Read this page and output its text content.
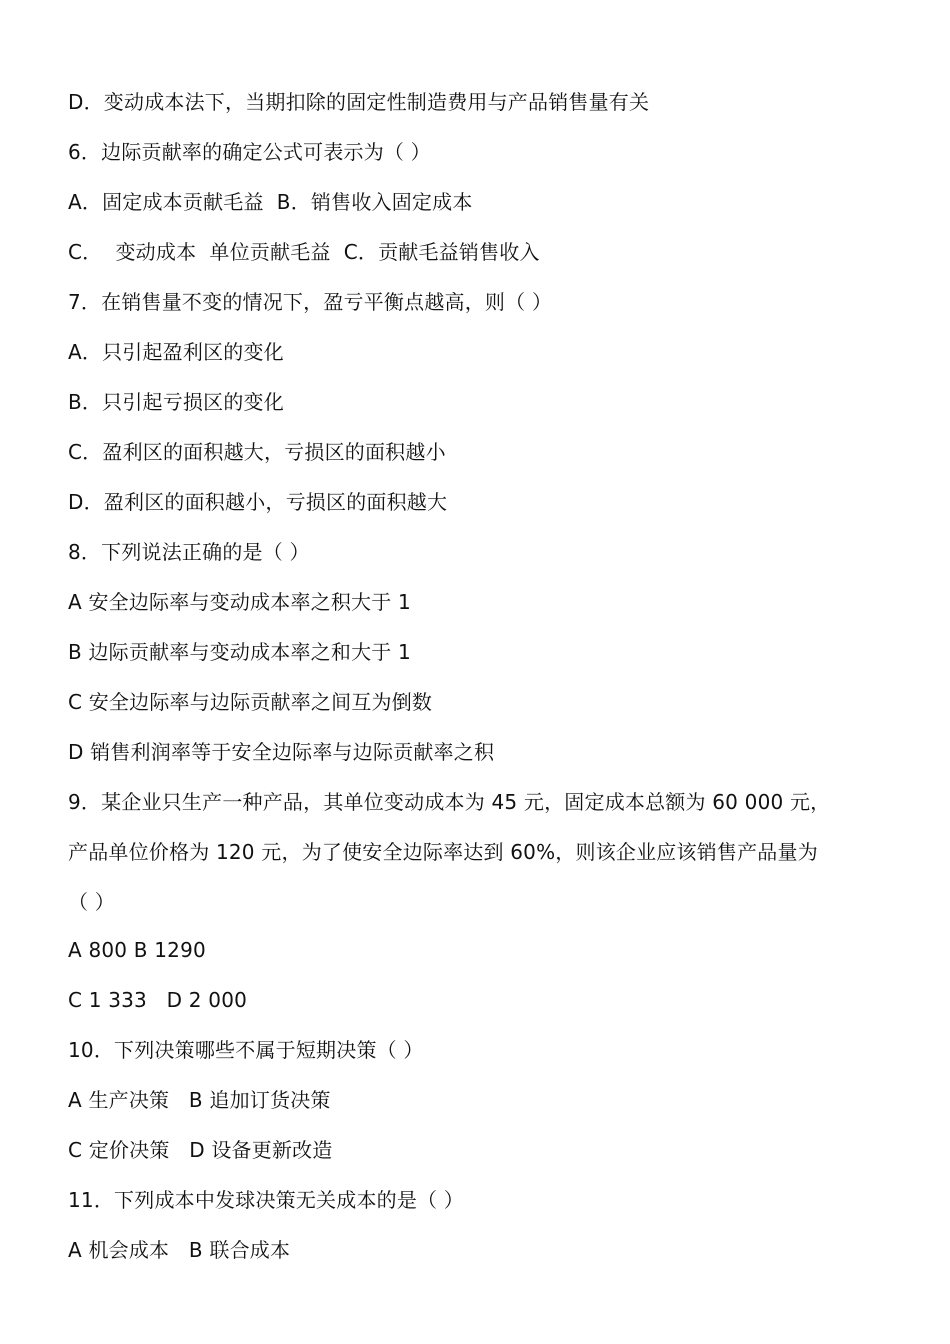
D．变动成本法下，当期扣除的固定性制造费用与产品销售量有关
6．边际贡献率的确定公式可表示为（ ）
A．固定成本贡献毛益  B．销售收入固定成本
C．  变动成本  单位贡献毛益  C．贡献毛益销售收入
7．在销售量不变的情况下，盈亏平衡点越高，则（ ）
A．只引起盈利区的变化
B．只引起亏损区的变化
C．盈利区的面积越大，亏损区的面积越小
D．盈利区的面积越小，亏损区的面积越大
8．下列说法正确的是（ ）
A 安全边际率与变动成本率之积大于 1
B 边际贡献率与变动成本率之和大于 1
C 安全边际率与边际贡献率之间互为倒数
D 销售利润率等于安全边际率与边际贡献率之积
9．某企业只生产一种产品，其单位变动成本为 45 元，固定成本总额为 60 000 元，
产品单位价格为 120 元，为了使安全边际率达到 60%，则该企业应该销售产品量为
（ ）
A 800 B 1290
C 1 333   D 2 000
10．下列决策哪些不属于短期决策（ ）
A 生产决策   B 追加订货决策
C 定价决策   D 设备更新改造
11．下列成本中发球决策无关成本的是（ ）
A 机会成本   B 联合成本
